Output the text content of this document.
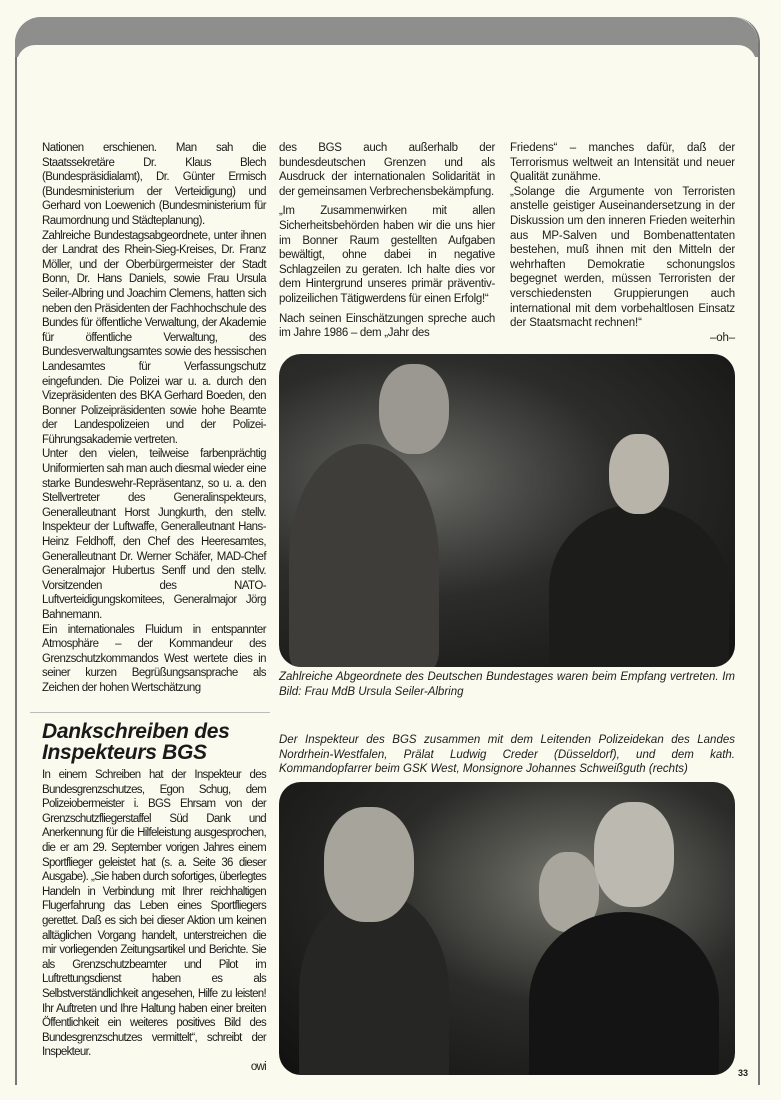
Nationen erschienen. Man sah die Staatssekretäre Dr. Klaus Blech (Bundespräsidialamt), Dr. Günter Ermisch (Bundesministerium der Verteidigung) und Gerhard von Loewenich (Bundesministerium für Raumordnung und Städteplanung).

Zahlreiche Bundestagsabgeordnete, unter ihnen der Landrat des Rhein-Sieg-Kreises, Dr. Franz Möller, und der Oberbürgermeister der Stadt Bonn, Dr. Hans Daniels, sowie Frau Ursula Seiler-Albring und Joachim Clemens, hatten sich neben den Präsidenten der Fachhochschule des Bundes für öffentliche Verwaltung, der Akademie für öffentliche Verwaltung, des Bundesverwaltungsamtes sowie des hessischen Landesamtes für Verfassungschutz eingefunden. Die Polizei war u. a. durch den Vizepräsidenten des BKA Gerhard Boeden, den Bonner Polizeipräsidenten sowie hohe Beamte der Landespolizeien und der Polizei-Führungsakademie vertreten.

Unter den vielen, teilweise farbenprächtig Uniformierten sah man auch diesmal wieder eine starke Bundeswehr-Repräsentanz, so u. a. den Stellvertreter des Generalinspekteurs, Generalleutnant Horst Jungkurth, den stellv. Inspekteur der Luftwaffe, Generalleutnant Hans-Heinz Feldhoff, den Chef des Heeresamtes, Generalleutnant Dr. Werner Schäfer, MAD-Chef Generalmajor Hubertus Senff und den stellv. Vorsitzenden des NATO-Luftverteidigungskomitees, Generalmajor Jörg Bahnemann.

Ein internationales Fluidum in entspannter Atmosphäre – der Kommandeur des Grenzschutzkommandos West wertete dies in seiner kurzen Begrüßungsansprache als Zeichen der hohen Wertschätzung

des BGS auch außerhalb der bundesdeutschen Grenzen und als Ausdruck der internationalen Solidarität in der gemeinsamen Verbrechensbekämpfung.

„Im Zusammenwirken mit allen Sicherheitsbehörden haben wir die uns hier im Bonner Raum gestellten Aufgaben bewältigt, ohne dabei in negative Schlagzeilen zu geraten. Ich halte dies vor dem Hintergrund unseres primär präventiv-polizeilichen Tätigwerdens für einen Erfolg!“

Nach seinen Einschätzungen spreche auch im Jahre 1986 – dem „Jahr des

Friedens“ – manches dafür, daß der Terrorismus weltweit an Intensität und neuer Qualität zunähme.

„Solange die Argumente von Terroristen anstelle geistiger Auseinandersetzung in der Diskussion um den inneren Frieden weiterhin aus MP-Salven und Bombenattentaten bestehen, muß ihnen mit den Mitteln der wehrhaften Demokratie schonungslos begegnet werden, müssen Terroristen der verschiedensten Gruppierungen auch international mit dem vorbehaltlosen Einsatz der Staatsmacht rechnen!“

–oh–

Zahlreiche Abgeordnete des Deutschen Bundestages waren beim Empfang vertreten. Im Bild: Frau MdB Ursula Seiler-Albring
Dankschreiben des
Inspekteurs BGS

In einem Schreiben hat der Inspekteur des Bundesgrenzschutzes, Egon Schug, dem Polizeiobermeister i. BGS Ehrsam von der Grenzschutzfliegerstaffel Süd Dank und Anerkennung für die Hilfeleistung ausgesprochen, die er am 29. September vorigen Jahres einem Sportflieger geleistet hat (s. a. Seite 36 dieser Ausgabe). „Sie haben durch sofortiges, überlegtes Handeln in Verbindung mit Ihrer reichhaltigen Flugerfahrung das Leben eines Sportfliegers gerettet. Daß es sich bei dieser Aktion um keinen alltäglichen Vorgang handelt, unterstreichen die mir vorliegenden Zeitungsartikel und Berichte. Sie als Grenzschutzbeamter und Pilot im Luftrettungsdienst haben es als Selbstverständlichkeit angesehen, Hilfe zu leisten! Ihr Auftreten und Ihre Haltung haben einer breiten Öffentlichkeit ein weiteres positives Bild des Bundesgrenzschutzes vermittelt“, schreibt der Inspekteur.

owi

Der Inspekteur des BGS zusammen mit dem Leitenden Polizeidekan des Landes Nordrhein-Westfalen, Prälat Ludwig Creder (Düsseldorf), und dem kath. Kommandopfarrer beim GSK West, Monsignore Johannes Schweißguth (rechts)
33
